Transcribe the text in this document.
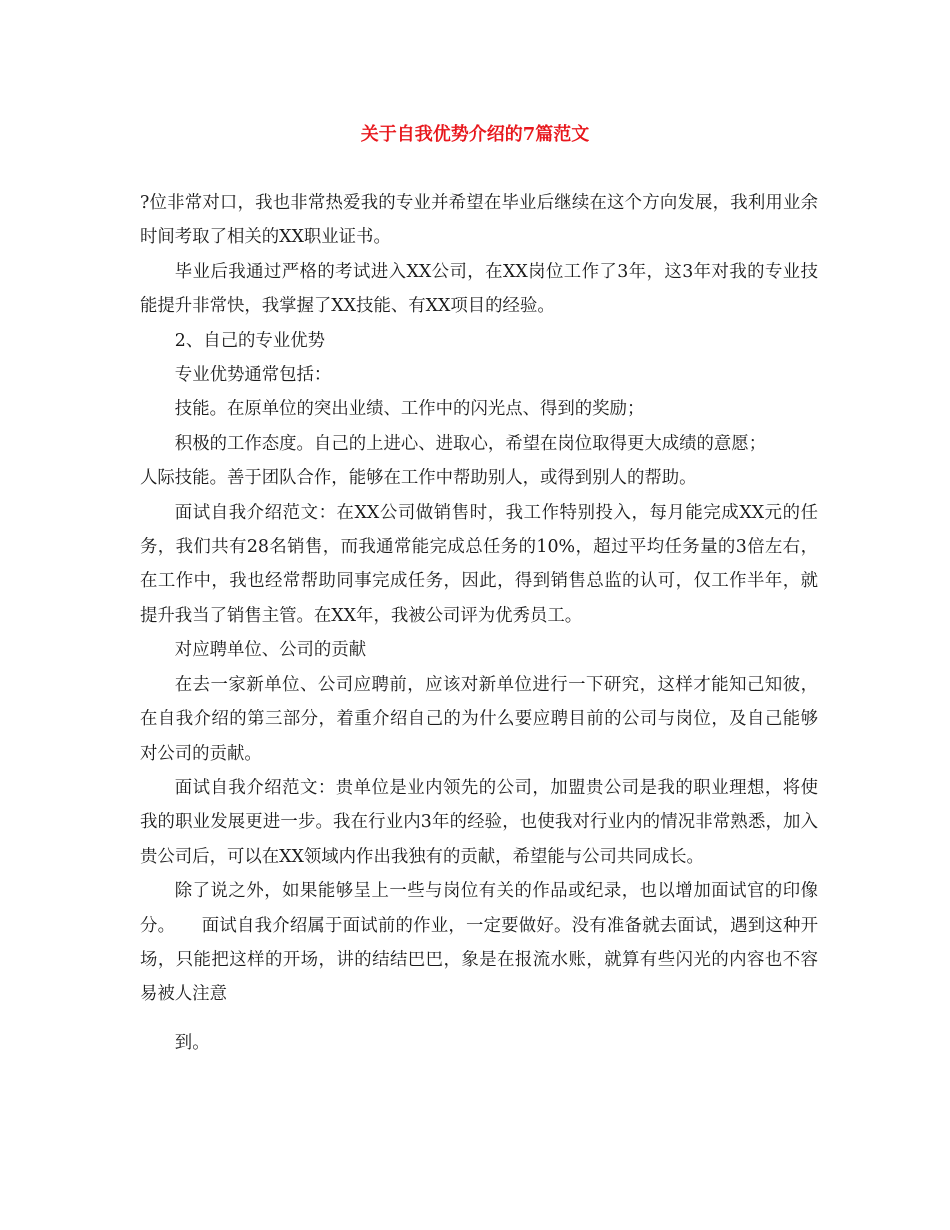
关于自我优势介绍的7篇范文

?位非常对口，我也非常热爱我的专业并希望在毕业后继续在这个方向发展，我利用业余时间考取了相关的XX职业证书。

毕业后我通过严格的考试进入XX公司，在XX岗位工作了3年，这3年对我的专业技能提升非常快，我掌握了XX技能、有XX项目的经验。

2、自己的专业优势

专业优势通常包括：

技能。在原单位的突出业绩、工作中的闪光点、得到的奖励；

积极的工作态度。自己的上进心、进取心，希望在岗位取得更大成绩的意愿；

人际技能。善于团队合作，能够在工作中帮助别人，或得到别人的帮助。

面试自我介绍范文：在XX公司做销售时，我工作特别投入，每月能完成XX元的任务，我们共有28名销售，而我通常能完成总任务的10%，超过平均任务量的3倍左右，在工作中，我也经常帮助同事完成任务，因此，得到销售总监的认可，仅工作半年，就提升我当了销售主管。在XX年，我被公司评为优秀员工。

对应聘单位、公司的贡献

在去一家新单位、公司应聘前，应该对新单位进行一下研究，这样才能知己知彼，在自我介绍的第三部分，着重介绍自己的为什么要应聘目前的公司与岗位，及自己能够对公司的贡献。

面试自我介绍范文：贵单位是业内领先的公司，加盟贵公司是我的职业理想，将使我的职业发展更进一步。我在行业内3年的经验，也使我对行业内的情况非常熟悉，加入贵公司后，可以在XX领域内作出我独有的贡献，希望能与公司共同成长。

除了说之外，如果能够呈上一些与岗位有关的作品或纪录，也以增加面试官的印像分。　　面试自我介绍属于面试前的作业，一定要做好。没有准备就去面试，遇到这种开场，只能把这样的开场，讲的结结巴巴，象是在报流水账，就算有些闪光的内容也不容易被人注意

到。
